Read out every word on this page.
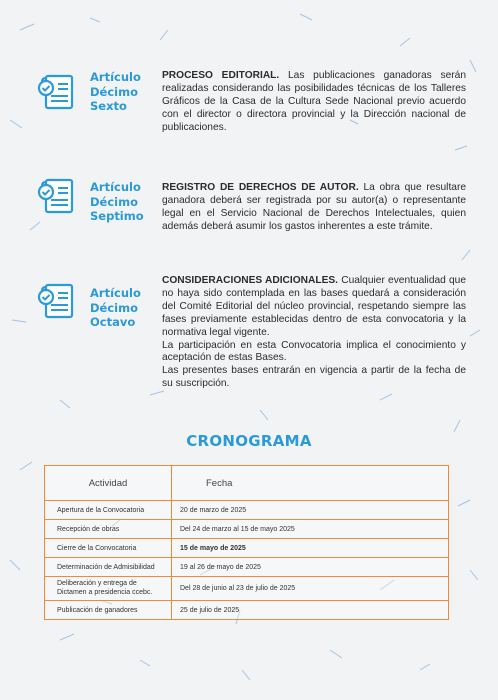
Artículo
Décimo
Sexto

PROCESO EDITORIAL. Las publicaciones ganadoras serán realizadas considerando las posibilidades técnicas de los Talleres Gráficos de la Casa de la Cultura Sede Nacional previo acuerdo con el director o directora provincial y la Dirección nacional de publicaciones.

Artículo
Décimo
Septimo

REGISTRO DE DERECHOS DE AUTOR. La obra que resultare ganadora deberá ser registrada por su autor(a) o representante legal en el Servicio Nacional de Derechos Intelectuales, quien además deberá asumir los gastos inherentes a este trámite.

Artículo
Décimo
Octavo

CONSIDERACIONES ADICIONALES. Cualquier eventualidad que no haya sido contemplada en las bases quedará a consideración del Comité Editorial del núcleo provincial, respetando siempre las fases previamente establecidas dentro de esta convocatoria y la normativa legal vigente.

La participación en esta Convocatoria implica el conocimiento y aceptación de estas Bases.

Las presentes bases entrarán en vigencia a partir de la fecha de su suscripción.

CRONOGRAMA
Actividad	Fecha
Apertura de la Convocatoria	20 de marzo de 2025
Recepción de obras	Del 24 de marzo al 15 de mayo 2025
Cierre de la Convocatoria	15 de mayo de 2025
Determinación de Admisibilidad	19 al 26 de mayo de 2025

Deliberación y entrega de Dictamen a presidencia ccebc.	Del 28 de junio al 23 de julio de 2025
Publicación de ganadores	25 de julio de 2025
